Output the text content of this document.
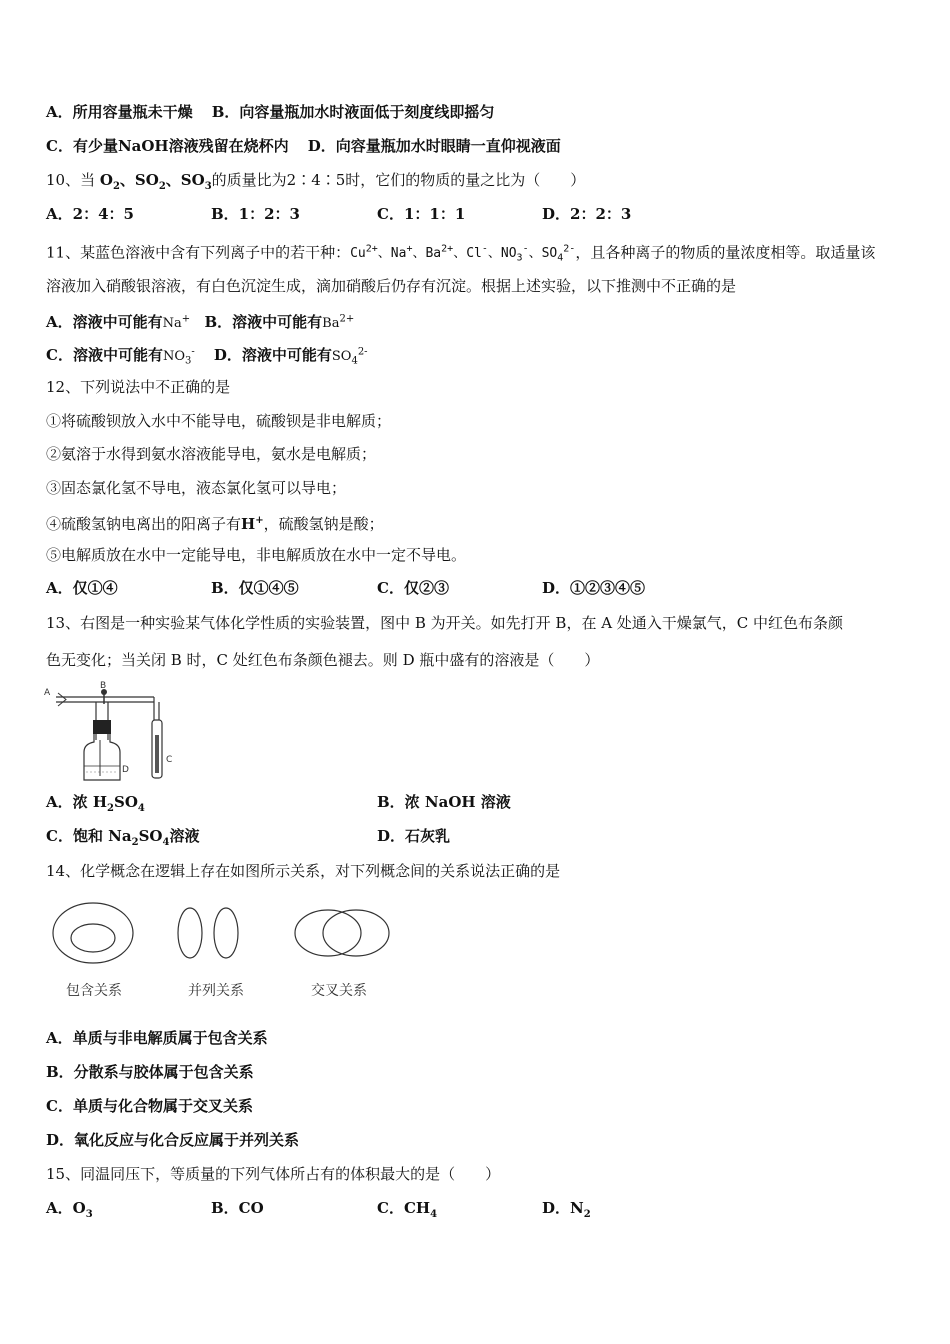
A．所用容量瓶未干燥 B．向容量瓶加水时液面低于刻度线即摇匀
C．有少量NaOH溶液残留在烧杯内 D．向容量瓶加水时眼睛一直仰视液面
10、当 $O_2$、$SO_2$、$SO_3$的质量比为2∶4∶5时，它们的物质的量之比为（　　）
A．2：4：5	B．1：2：3	C．1：1：1	D．2：2：3
11、某蓝色溶液中含有下列离子中的若干种：$Cu^{2+}$、Na+、$Ba^{2+}$、Cl-、$NO_3^-$、$SO_4^{2-}$，且各种离子的物质的量浓度相等。取适量该
溶液加入硝酸银溶液，有白色沉淀生成，滴加硝酸后仍存有沉淀。根据上述实验，以下推测中不正确的是
A．溶液中可能有Na+ B．溶液中可能有$Ba^{2+}$
C．溶液中可能有$NO_3^-$ D．溶液中可能有$SO_4^{2-}$
12、下列说法中不正确的是
①将硫酸钡放入水中不能导电，硫酸钡是非电解质；
②氨溶于水得到氨水溶液能导电，氨水是电解质；
③固态氯化氢不导电，液态氯化氢可以导电；
④硫酸氢钠电离出的阳离子有H+，硫酸氢钠是酸；
⑤电解质放在水中一定能导电，非电解质放在水中一定不导电。
A．仅①④	B．仅①④⑤	C．仅②③	D．①②③④⑤
13、右图是一种实验某气体化学性质的实验装置，图中 B 为开关。如先打开 B，在 A 处通入干燥氯气，C 中红色布条颜
色无变化；当关闭 B 时，C 处红色布条颜色褪去。则 D 瓶中盛有的溶液是（　　）
A
B
D
C
A．浓 $H_2SO_4$	B．浓 NaOH 溶液
C．饱和 $Na_2SO_4$溶液	D．石灰乳
14、化学概念在逻辑上存在如图所示关系，对下列概念间的关系说法正确的是
包含关系	并列关系	交叉关系
A．单质与非电解质属于包含关系
B．分散系与胶体属于包含关系
C．单质与化合物属于交叉关系
D．氧化反应与化合反应属于并列关系
15、同温同压下，等质量的下列气体所占有的体积最大的是（　　）
A．$O_3$	B．CO	C．$CH_4$	D．$N_2$
